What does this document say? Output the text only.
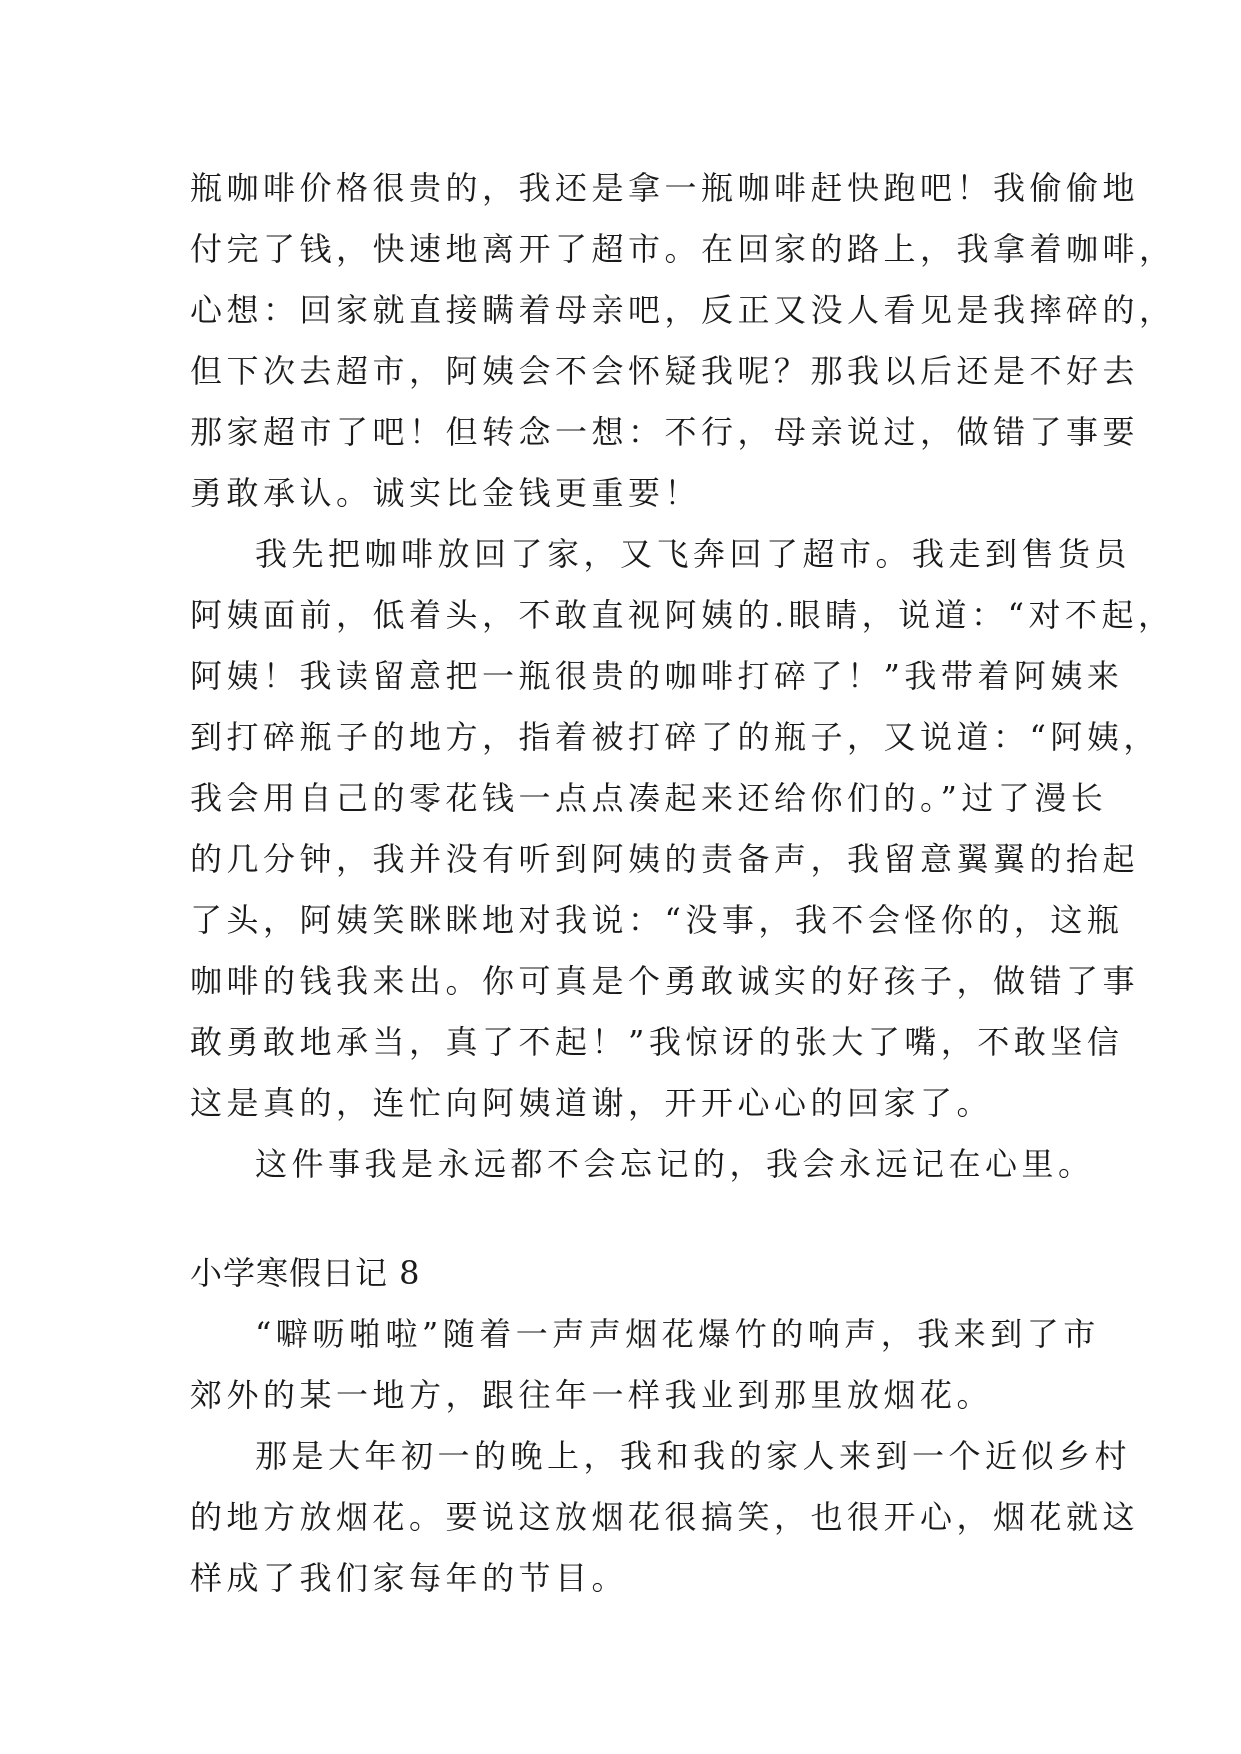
瓶咖啡价格很贵的，我还是拿一瓶咖啡赶快跑吧！我偷偷地
付完了钱，快速地离开了超市。在回家的路上，我拿着咖啡，
心想：回家就直接瞒着母亲吧，反正又没人看见是我摔碎的，
但下次去超市，阿姨会不会怀疑我呢？那我以后还是不好去
那家超市了吧！但转念一想：不行，母亲说过，做错了事要
勇敢承认。诚实比金钱更重要！
我先把咖啡放回了家，又飞奔回了超市。我走到售货员
阿姨面前，低着头，不敢直视阿姨的.眼睛，说道：“对不起，
阿姨！我读留意把一瓶很贵的咖啡打碎了！”我带着阿姨来
到打碎瓶子的地方，指着被打碎了的瓶子，又说道：“阿姨，
我会用自己的零花钱一点点凑起来还给你们的。”过了漫长
的几分钟，我并没有听到阿姨的责备声，我留意翼翼的抬起
了头，阿姨笑眯眯地对我说：“没事，我不会怪你的，这瓶
咖啡的钱我来出。你可真是个勇敢诚实的好孩子，做错了事
敢勇敢地承当，真了不起！”我惊讶的张大了嘴，不敢坚信
这是真的，连忙向阿姨道谢，开开心心的回家了。
这件事我是永远都不会忘记的，我会永远记在心里。
小学寒假日记 8
“噼呖啪啦”随着一声声烟花爆竹的响声，我来到了市
郊外的某一地方，跟往年一样我业到那里放烟花。
那是大年初一的晚上，我和我的家人来到一个近似乡村
的地方放烟花。要说这放烟花很搞笑，也很开心，烟花就这
样成了我们家每年的节目。
